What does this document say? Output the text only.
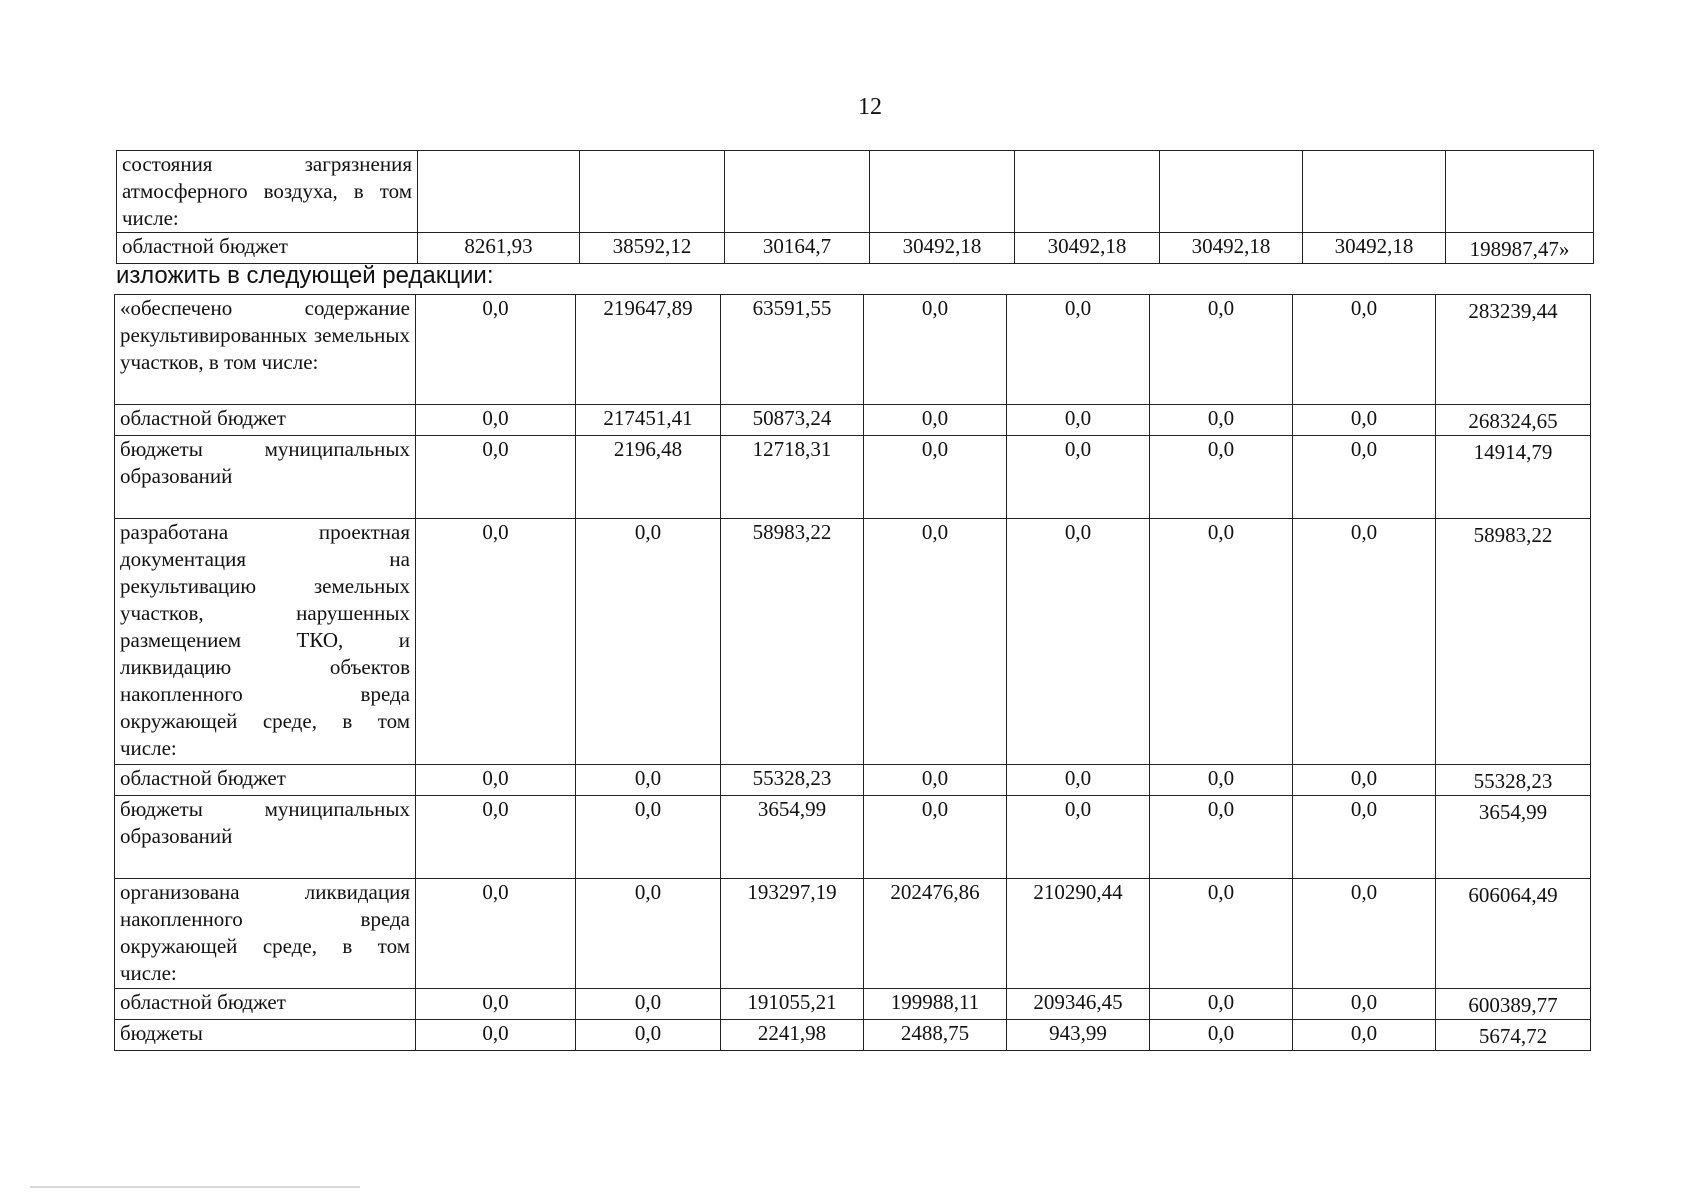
12
состояния загрязнения атмосферного воздуха, в том числе:								
областной бюджет	8261,93	38592,12	30164,7	30492,18	30492,18	30492,18	30492,18	198987,47»
изложить в следующей редакции:
«обеспечено содержание рекультивированных земельных участков, в том числе:	0,0	219647,89	63591,55	0,0	0,0	0,0	0,0	283239,44
областной бюджет	0,0	217451,41	50873,24	0,0	0,0	0,0	0,0	268324,65
бюджеты муниципальных образований	0,0	2196,48	12718,31	0,0	0,0	0,0	0,0	14914,79
разработана проектная документация на рекультивацию земельных участков, нарушенных размещением ТКО, и ликвидацию объектов накопленного вреда окружающей среде, в том числе:	0,0	0,0	58983,22	0,0	0,0	0,0	0,0	58983,22
областной бюджет	0,0	0,0	55328,23	0,0	0,0	0,0	0,0	55328,23
бюджеты муниципальных образований	0,0	0,0	3654,99	0,0	0,0	0,0	0,0	3654,99
организована ликвидация накопленного вреда окружающей среде, в том числе:	0,0	0,0	193297,19	202476,86	210290,44	0,0	0,0	606064,49
областной бюджет	0,0	0,0	191055,21	199988,11	209346,45	0,0	0,0	600389,77
бюджеты	0,0	0,0	2241,98	2488,75	943,99	0,0	0,0	5674,72
